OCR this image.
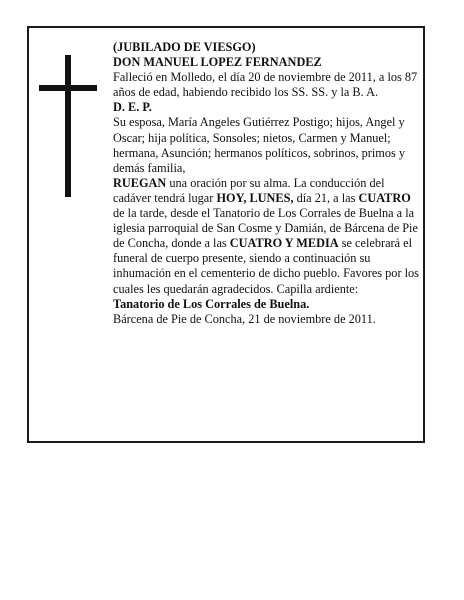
(JUBILADO DE VIESGO)

DON MANUEL LOPEZ FERNANDEZ

Falleció en Molledo, el día 20 de noviembre de 2011, a los 87 años de edad, habiendo recibido los SS. SS. y la B. A.

D. E. P.

Su esposa, María Angeles Gutiérrez Postigo; hijos, Angel y Oscar; hija política, Sonsoles; nietos, Carmen y Manuel; hermana, Asunción; hermanos políticos, sobrinos, primos y demás familia,

RUEGAN una oración por su alma. La conducción del cadáver tendrá lugar HOY, LUNES, día 21, a las CUATRO de la tarde, desde el Tanatorio de Los Corrales de Buelna a la iglesia parroquial de San Cosme y Damián, de Bárcena de Pie de Concha, donde a las CUATRO Y MEDIA se celebrará el funeral de cuerpo presente, siendo a continuación su inhumación en el cementerio de dicho pueblo. Favores por los cuales les quedarán agradecidos. Capilla ardiente:

Tanatorio de Los Corrales de Buelna.

Bárcena de Pie de Concha, 21 de noviembre de 2011.
